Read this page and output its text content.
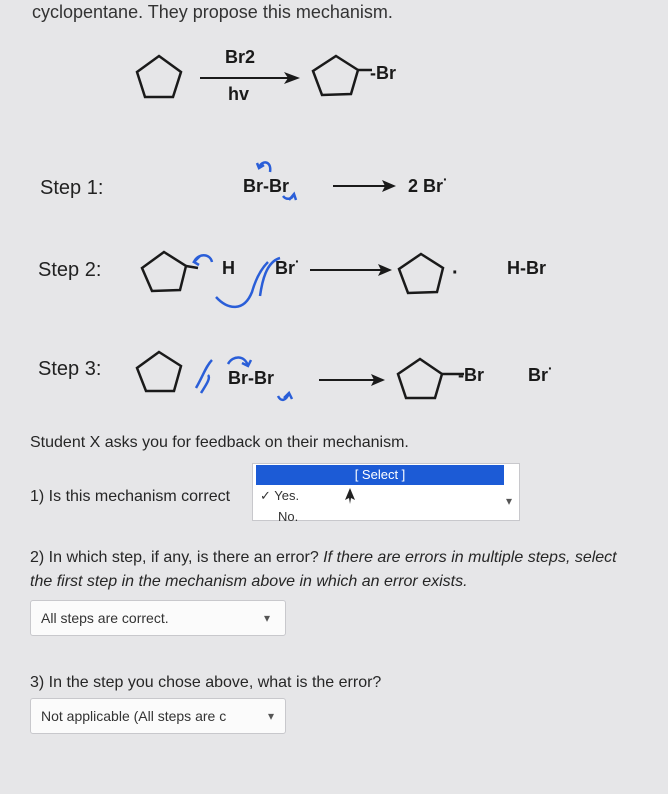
cyclopentane. They propose this mechanism.
Br2
hv
-Br
Step 1:
Step 2:
Step 3:
Br-Br	2 Br·
H Br·
·	H-Br
Br-Br	-Br Br·
Student X asks you for feedback on their mechanism.
1) Is this mechanism correct
[ Select ]
✓ Yes.
No.
▾
2) In which step, if any, is there an error? If there are errors in multiple steps, select the first step in the mechanism above in which an error exists.
All steps are correct.	▾
3) In the step you chose above, what is the error?
Not applicable (All steps are c	▾
